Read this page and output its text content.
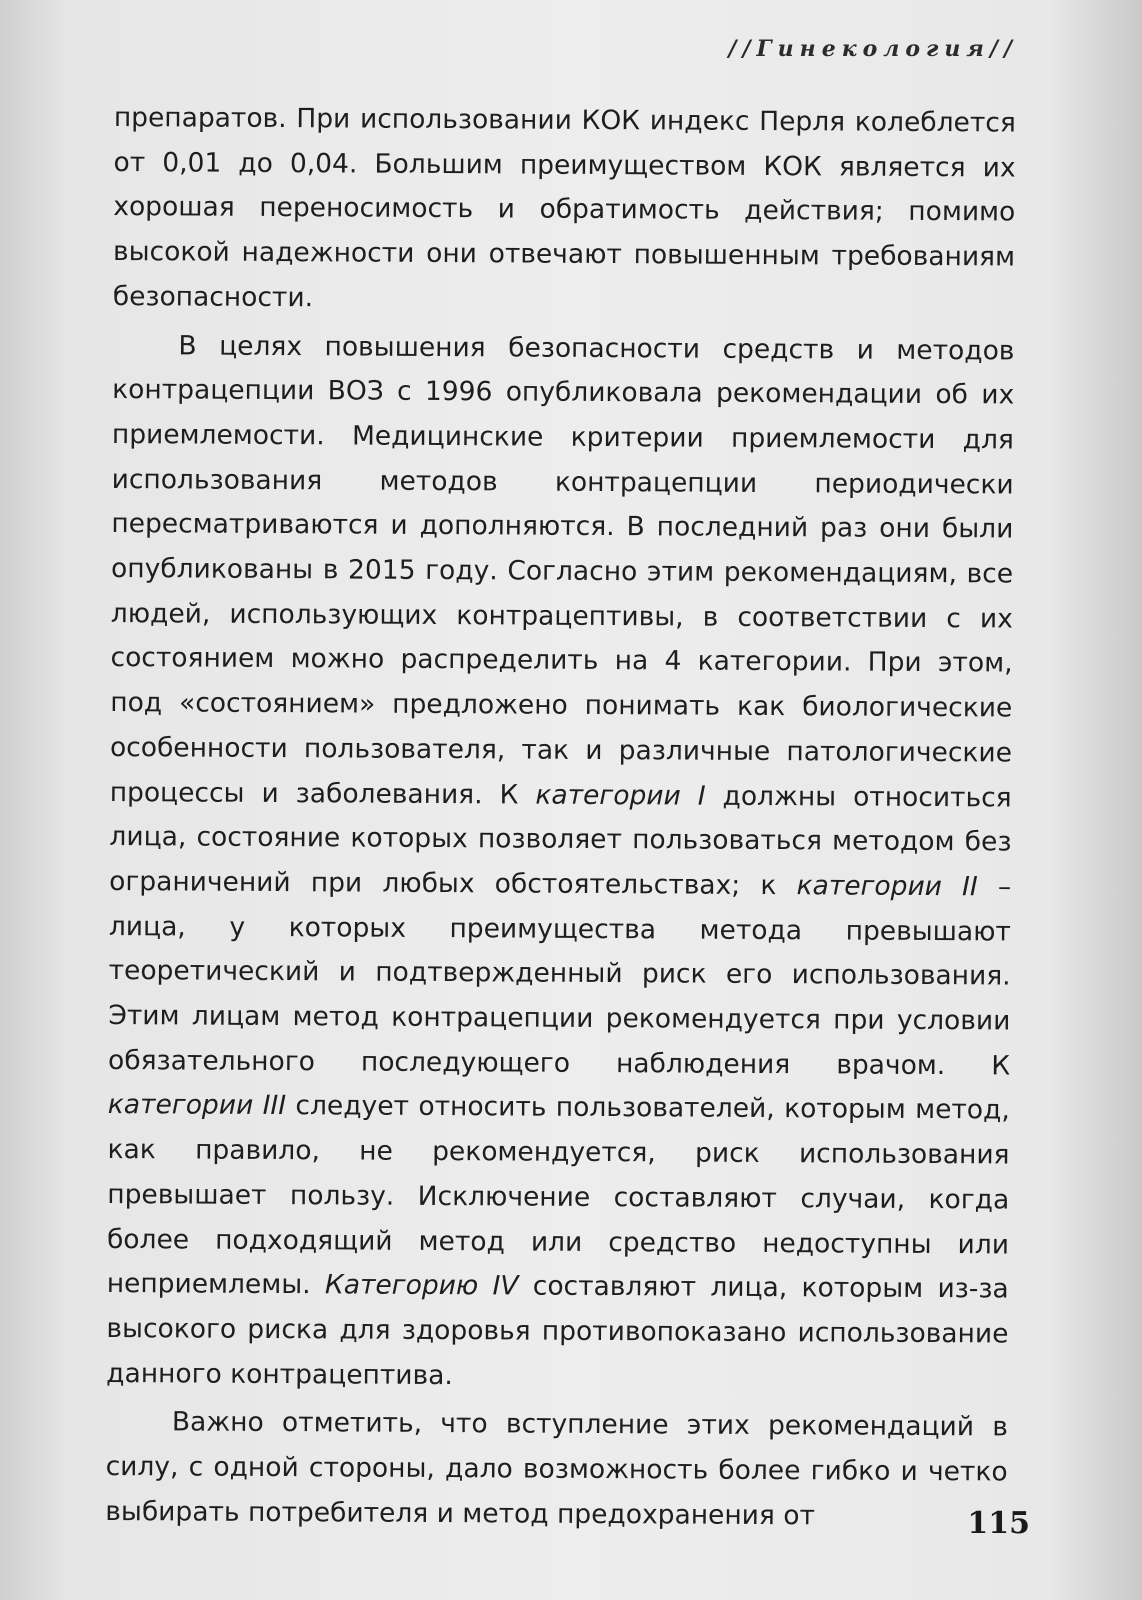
//Гинекология//

препаратов. При использовании КОК индекс Перля колеблется от 0,01 до 0,04. Большим преимуществом КОК является их хорошая переносимость и обратимость действия; помимо высокой надежности они отвечают повышенным требованиям безопасности.

В целях повышения безопасности средств и методов контрацепции ВОЗ с 1996 опубликовала рекомендации об их приемлемости. Медицинские критерии приемлемости для использования методов контрацепции периодически пересматриваются и дополняются. В последний раз они были опубликованы в 2015 году. Согласно этим рекомендациям, все людей, использующих контрацептивы, в соответствии с их состоянием можно распределить на 4 категории. При этом, под «состоянием» предложено понимать как биологические особенности пользователя, так и различные патологические процессы и заболевания. К категории I должны относиться лица, состояние которых позволяет пользоваться методом без ограничений при любых обстоятельствах; к категории II – лица, у которых преимущества метода превышают теоретический и подтвержденный риск его использования. Этим лицам метод контрацепции рекомендуется при условии обязательного последующего наблюдения врачом. К категории III следует относить пользователей, которым метод, как правило, не рекомендуется, риск использования превышает пользу. Исключение составляют случаи, когда более подходящий метод или средство недоступны или неприемлемы. Категорию IV составляют лица, которым из-за высокого риска для здоровья противопоказано использование данного контрацептива.

Важно отметить, что вступление этих рекомендаций в силу, с одной стороны, дало возможность более гибко и четко выбирать потребителя и метод предохранения от	115
